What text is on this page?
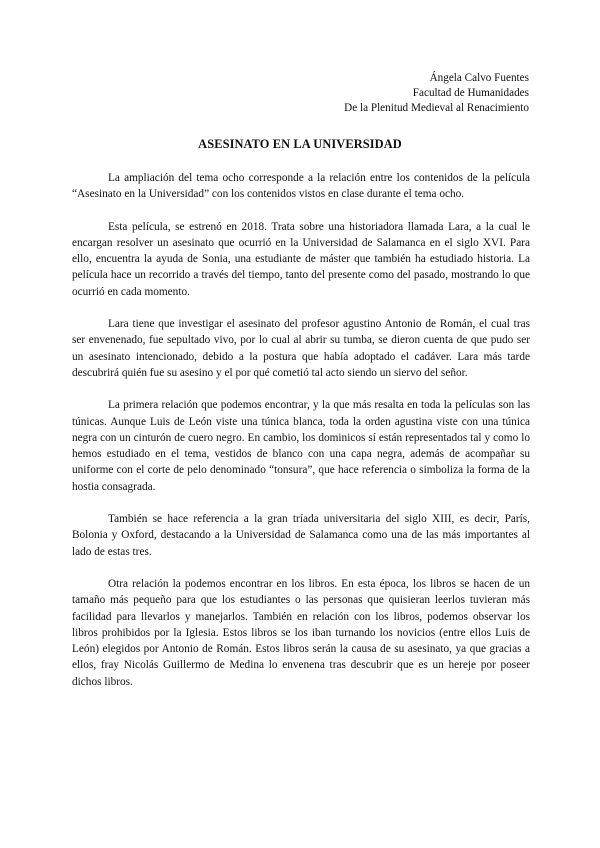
Ángela Calvo Fuentes
Facultad de Humanidades
De la Plenitud Medieval al Renacimiento
ASESINATO EN LA UNIVERSIDAD

La ampliación del tema ocho corresponde a la relación entre los contenidos de la película “Asesinato en la Universidad” con los contenidos vistos en clase durante el tema ocho.

Esta película, se estrenó en 2018. Trata sobre una historiadora llamada Lara, a la cual le encargan resolver un asesinato que ocurrió en la Universidad de Salamanca en el siglo XVI. Para ello, encuentra la ayuda de Sonia, una estudiante de máster que también ha estudiado historia. La película hace un recorrido a través del tiempo, tanto del presente como del pasado, mostrando lo que ocurrió en cada momento.

Lara tiene que investigar el asesinato del profesor agustino Antonio de Román, el cual tras ser envenenado, fue sepultado vivo, por lo cual al abrir su tumba, se dieron cuenta de que pudo ser un asesinato intencionado, debido a la postura que había adoptado el cadáver. Lara más tarde descubrirá quién fue su asesino y el por qué cometió tal acto siendo un siervo del señor.

La primera relación que podemos encontrar, y la que más resalta en toda la películas son las túnicas. Aunque Luis de León viste una túnica blanca, toda la orden agustina viste con una túnica negra con un cinturón de cuero negro. En cambio, los dominicos sí están representados tal y como lo hemos estudiado en el tema, vestidos de blanco con una capa negra, además de acompañar su uniforme con el corte de pelo denominado “tonsura”, que hace referencia o simboliza la forma de la hostia consagrada.

También se hace referencia a la gran tríada universitaria del siglo XIII, es decir, París, Bolonia y Oxford, destacando a la Universidad de Salamanca como una de las más importantes al lado de estas tres.

Otra relación la podemos encontrar en los libros. En esta época, los libros se hacen de un tamaño más pequeño para que los estudiantes o las personas que quisieran leerlos tuvieran más facilidad para llevarlos y manejarlos. También en relación con los libros, podemos observar los libros prohibidos por la Iglesia. Estos libros se los iban turnando los novicios (entre ellos Luis de León) elegidos por Antonio de Román. Estos libros serán la causa de su asesinato, ya que gracias a ellos, fray Nicolás Guillermo de Medina lo envenena tras descubrir que es un hereje por poseer dichos libros.
